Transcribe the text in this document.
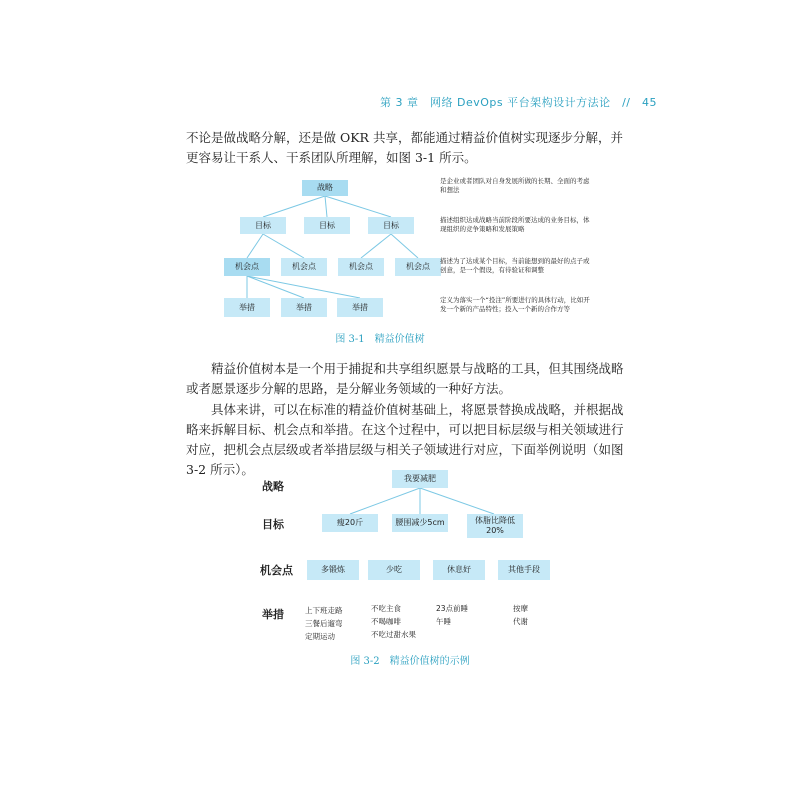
第 3 章　网络 DevOps 平台架构设计方法论　//　45

不论是做战略分解，还是做 OKR 共享，都能通过精益价值树实现逐步分解，并更容易让干系人、干系团队所理解，如图 3-1 所示。

战略
目标	目标	目标
机会点	机会点	机会点	机会点
举措	举措	举措
是企业或者团队对自身发展所做的长期、全面的考虑和想法
描述组织达成战略当前阶段所要达成的业务目标，体现组织的竞争策略和发展策略
描述为了达成某个目标，当前能想到的最好的点子或创意，是一个假设，有待验证和调整
定义为落实一个“投注”所要进行的具体行动，比如开发一个新的产品特性；投入一个新的合作方等
图 3-1　精益价值树

精益价值树本是一个用于捕捉和共享组织愿景与战略的工具，但其围绕战略或者愿景逐步分解的思路，是分解业务领域的一种好方法。

具体来讲，可以在标准的精益价值树基础上，将愿景替换成战略，并根据战略来拆解目标、机会点和举措。在这个过程中，可以把目标层级与相关领域进行对应，把机会点层级或者举措层级与相关子领域进行对应，下面举例说明（如图 3-2 所示）。

战略
目标
机会点
举措
我要减肥
瘦20斤	腰围减少5cm	体脂比降低
20%
多锻炼	少吃	休息好	其他手段
上下班走路
三餐后遛弯
定期运动
不吃主食
不喝咖啡
不吃过甜水果
23点前睡
午睡
按摩
代谢
图 3-2　精益价值树的示例
